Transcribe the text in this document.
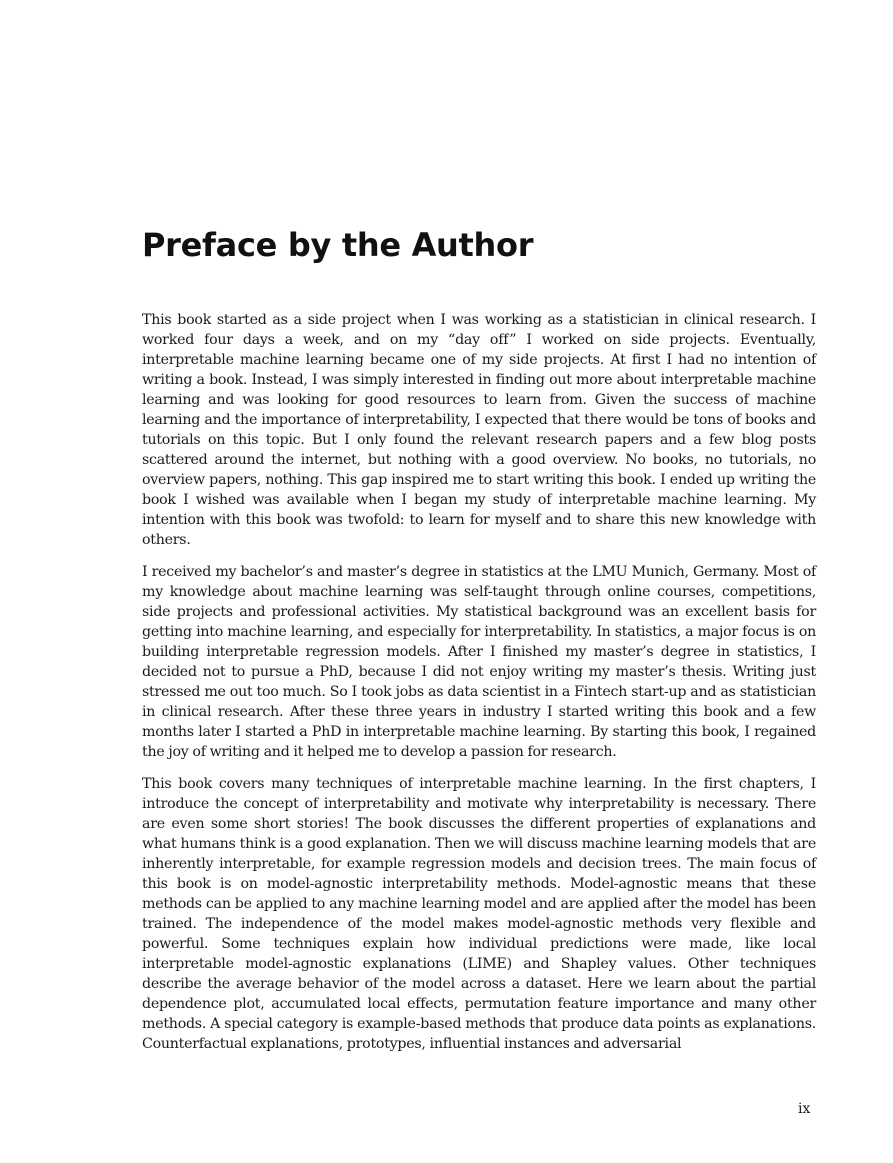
Preface by the Author

This book started as a side project when I was working as a statistician in clinical research. I worked four days a week, and on my “day off” I worked on side projects. Eventually, interpretable machine learning became one of my side projects. At first I had no intention of writing a book. Instead, I was simply interested in finding out more about interpretable machine learning and was looking for good resources to learn from. Given the success of machine learning and the importance of interpretability, I expected that there would be tons of books and tutorials on this topic. But I only found the relevant research papers and a few blog posts scattered around the internet, but nothing with a good overview. No books, no tutorials, no overview papers, nothing. This gap inspired me to start writing this book. I ended up writing the book I wished was available when I began my study of interpretable machine learning. My intention with this book was twofold: to learn for myself and to share this new knowledge with others.

I received my bachelor’s and master’s degree in statistics at the LMU Munich, Germany. Most of my knowledge about machine learning was self-taught through online courses, competitions, side projects and professional activities. My statistical background was an excellent basis for getting into machine learning, and especially for interpretability. In statistics, a major focus is on building interpretable regression models. After I finished my master’s degree in statistics, I decided not to pursue a PhD, because I did not enjoy writing my master’s thesis. Writing just stressed me out too much. So I took jobs as data scientist in a Fintech start-up and as statistician in clinical research. After these three years in industry I started writing this book and a few months later I started a PhD in interpretable machine learning. By starting this book, I regained the joy of writing and it helped me to develop a passion for research.

This book covers many techniques of interpretable machine learning. In the first chapters, I introduce the concept of interpretability and motivate why interpretability is necessary. There are even some short stories! The book discusses the different properties of explanations and what humans think is a good explanation. Then we will discuss machine learning models that are inherently interpretable, for example regression models and decision trees. The main focus of this book is on model-agnostic interpretability methods. Model-agnostic means that these methods can be applied to any machine learning model and are applied after the model has been trained. The independence of the model makes model-agnostic methods very flexible and powerful. Some techniques explain how individual predictions were made, like local interpretable model-agnostic explanations (LIME) and Shapley values. Other techniques describe the average behavior of the model across a dataset. Here we learn about the partial dependence plot, accumulated local effects, permutation feature importance and many other methods. A special category is example-based methods that produce data points as explanations. Counterfactual explanations, prototypes, influential instances and adversarial

ix
